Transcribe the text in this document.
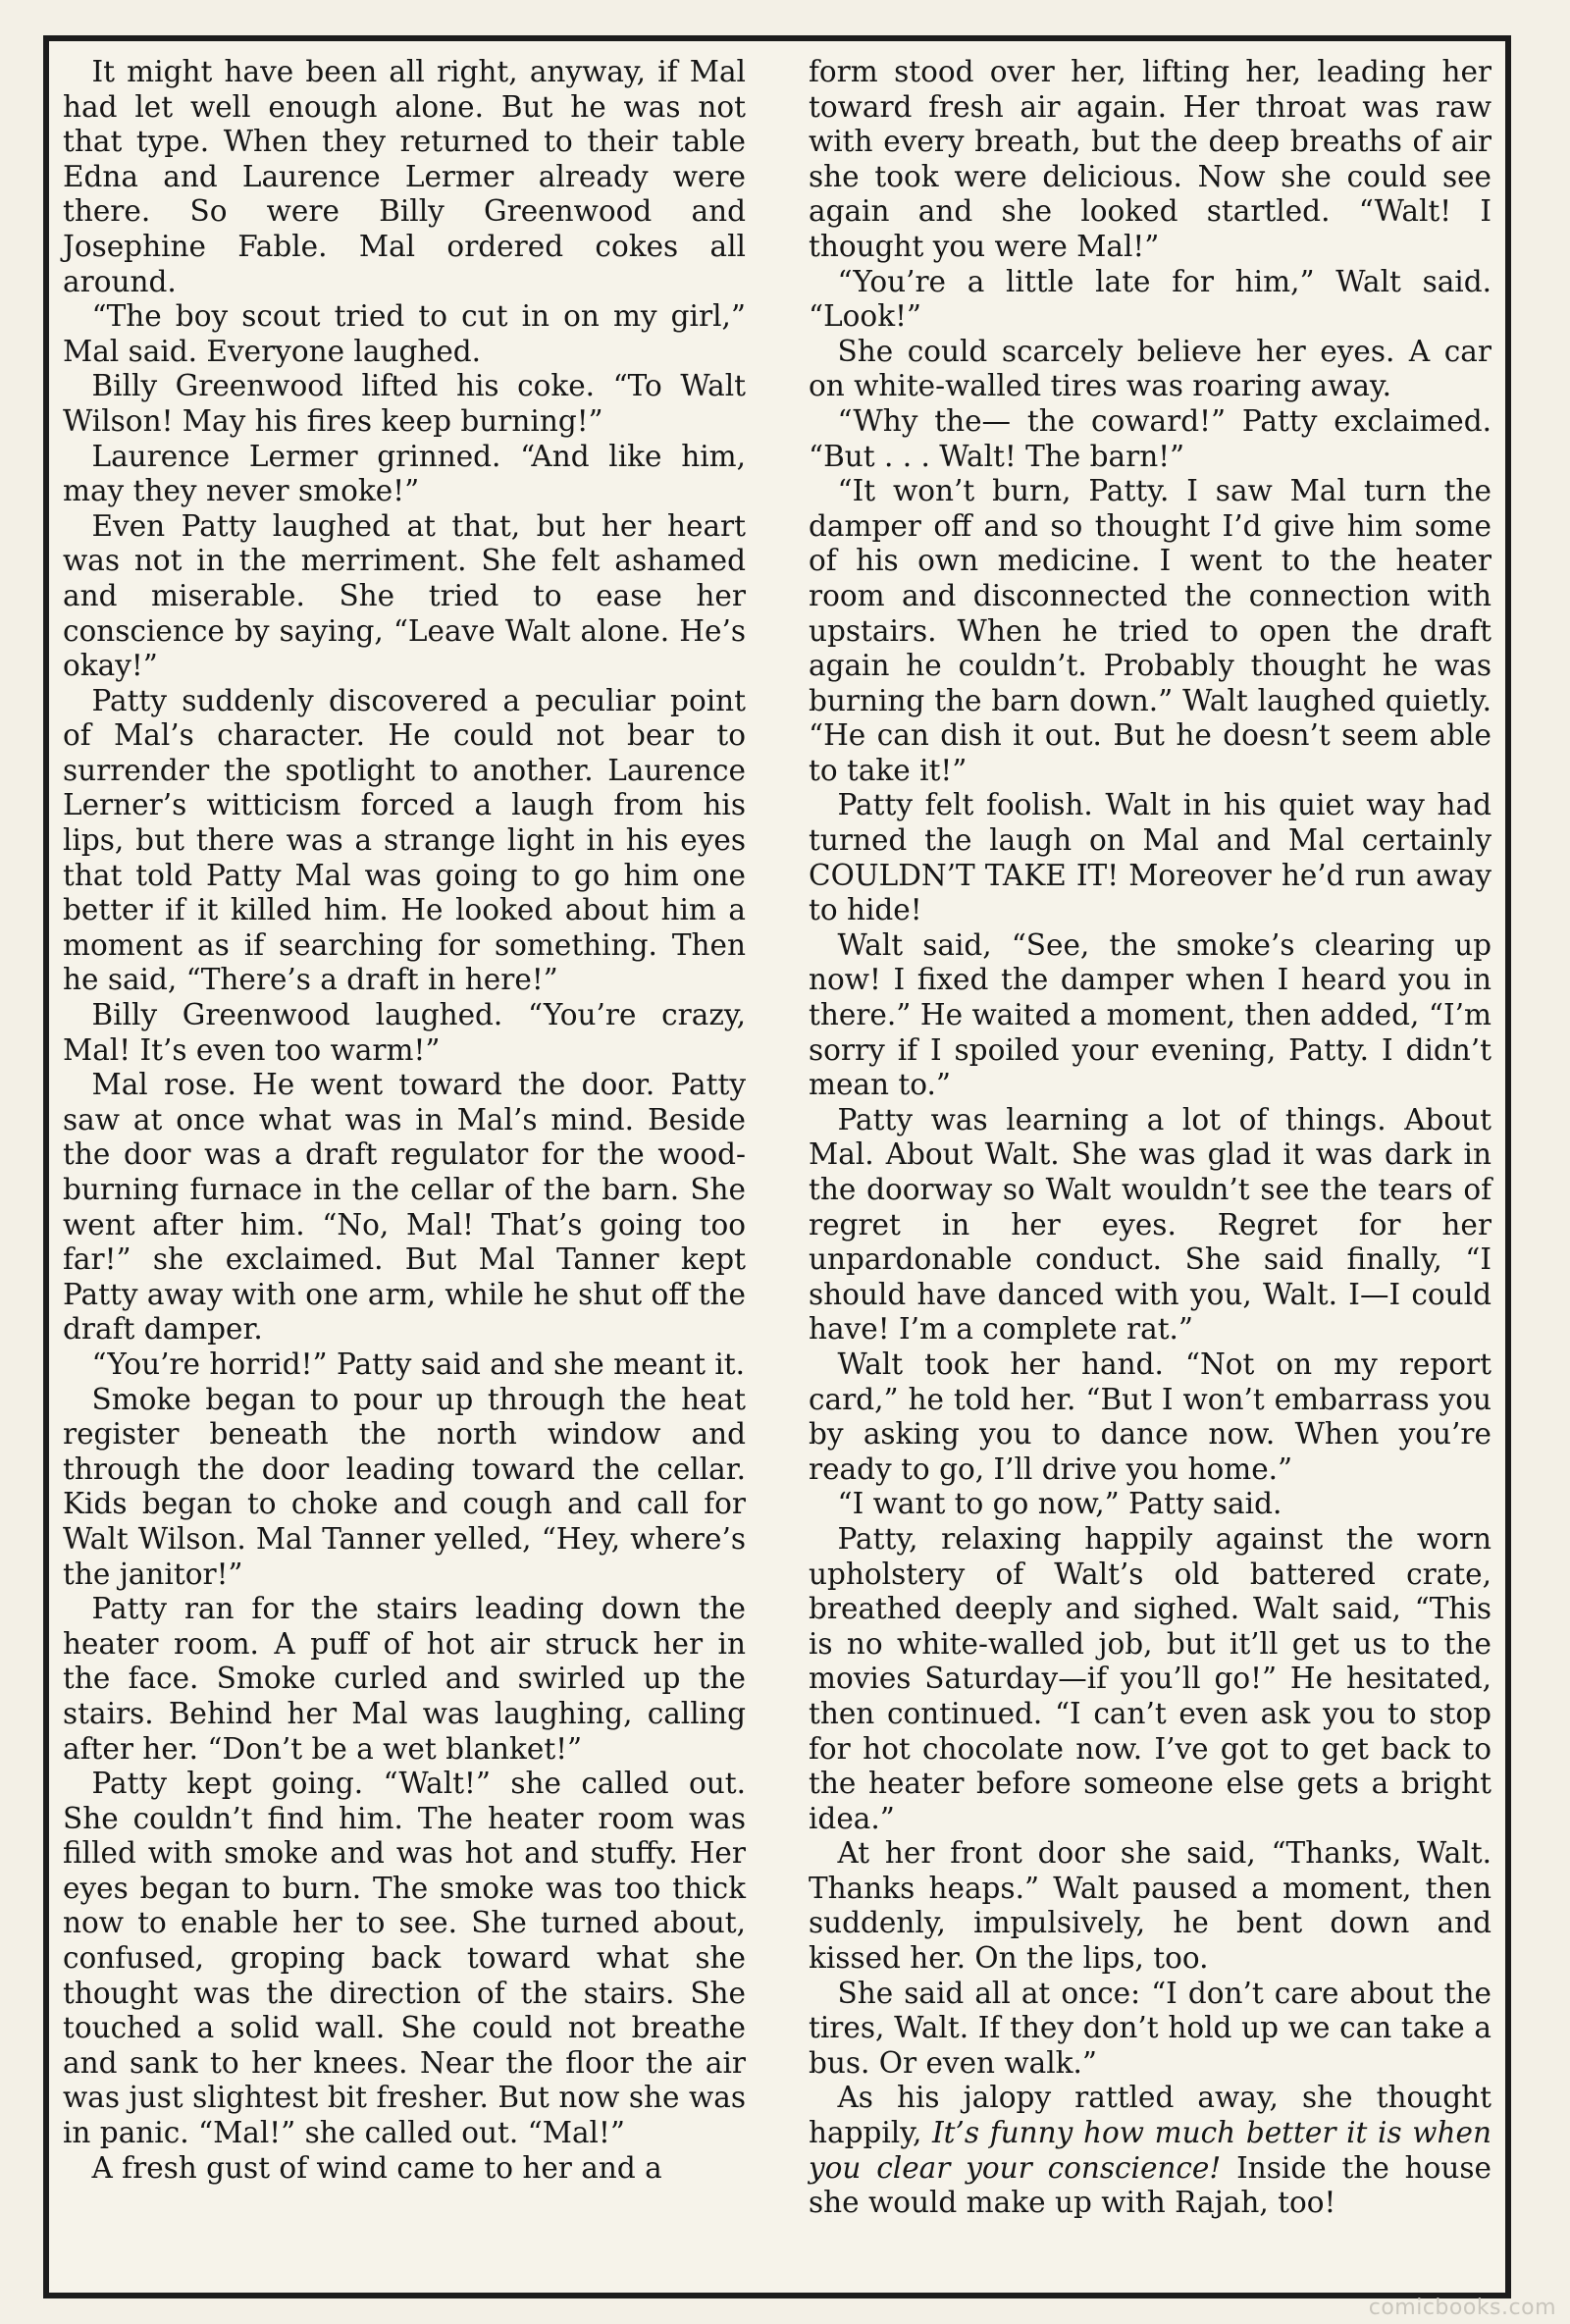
It might have been all right, anyway, if Mal had let well enough alone. But he was not that type. When they returned to their table Edna and Laurence Lermer already were there. So were Billy Greenwood and Josephine Fable. Mal ordered cokes all around.

“The boy scout tried to cut in on my girl,” Mal said. Everyone laughed.

Billy Greenwood lifted his coke. “To Walt Wilson! May his fires keep burning!”

Laurence Lermer grinned. “And like him, may they never smoke!”

Even Patty laughed at that, but her heart was not in the merriment. She felt ashamed and miserable. She tried to ease her conscience by saying, “Leave Walt alone. He’s okay!”

Patty suddenly discovered a peculiar point of Mal’s character. He could not bear to surrender the spotlight to another. Laurence Lerner’s witticism forced a laugh from his lips, but there was a strange light in his eyes that told Patty Mal was going to go him one better if it killed him. He looked about him a moment as if searching for something. Then he said, “There’s a draft in here!”

Billy Greenwood laughed. “You’re crazy, Mal! It’s even too warm!”

Mal rose. He went toward the door. Patty saw at once what was in Mal’s mind. Beside the door was a draft regulator for the wood-burning furnace in the cellar of the barn. She went after him. “No, Mal! That’s going too far!” she exclaimed. But Mal Tanner kept Patty away with one arm, while he shut off the draft damper.

“You’re horrid!” Patty said and she meant it.

Smoke began to pour up through the heat register beneath the north window and through the door leading toward the cellar. Kids began to choke and cough and call for Walt Wilson. Mal Tanner yelled, “Hey, where’s the janitor!”

Patty ran for the stairs leading down the heater room. A puff of hot air struck her in the face. Smoke curled and swirled up the stairs. Behind her Mal was laughing, calling after her. “Don’t be a wet blanket!”

Patty kept going. “Walt!” she called out. She couldn’t find him. The heater room was filled with smoke and was hot and stuffy. Her eyes began to burn. The smoke was too thick now to enable her to see. She turned about, confused, groping back toward what she thought was the direction of the stairs. She touched a solid wall. She could not breathe and sank to her knees. Near the floor the air was just slightest bit fresher. But now she was in panic. “Mal!” she called out. “Mal!”

A fresh gust of wind came to her and a

form stood over her, lifting her, leading her toward fresh air again. Her throat was raw with every breath, but the deep breaths of air she took were delicious. Now she could see again and she looked startled. “Walt! I thought you were Mal!”

“You’re a little late for him,” Walt said. “Look!”

She could scarcely believe her eyes. A car on white-walled tires was roaring away.

“Why the— the coward!” Patty exclaimed. “But . . . Walt! The barn!”

“It won’t burn, Patty. I saw Mal turn the damper off and so thought I’d give him some of his own medicine. I went to the heater room and disconnected the connection with upstairs. When he tried to open the draft again he couldn’t. Probably thought he was burning the barn down.” Walt laughed quietly. “He can dish it out. But he doesn’t seem able to take it!”

Patty felt foolish. Walt in his quiet way had turned the laugh on Mal and Mal certainly COULDN’T TAKE IT! Moreover he’d run away to hide!

Walt said, “See, the smoke’s clearing up now! I fixed the damper when I heard you in there.” He waited a moment, then added, “I’m sorry if I spoiled your evening, Patty. I didn’t mean to.”

Patty was learning a lot of things. About Mal. About Walt. She was glad it was dark in the doorway so Walt wouldn’t see the tears of regret in her eyes. Regret for her unpardonable conduct. She said finally, “I should have danced with you, Walt. I—I could have! I’m a complete rat.”

Walt took her hand. “Not on my report card,” he told her. “But I won’t embarrass you by asking you to dance now. When you’re ready to go, I’ll drive you home.”

“I want to go now,” Patty said.

Patty, relaxing happily against the worn upholstery of Walt’s old battered crate, breathed deeply and sighed. Walt said, “This is no white-walled job, but it’ll get us to the movies Saturday—if you’ll go!” He hesitated, then continued. “I can’t even ask you to stop for hot chocolate now. I’ve got to get back to the heater before someone else gets a bright idea.”

At her front door she said, “Thanks, Walt. Thanks heaps.” Walt paused a moment, then suddenly, impulsively, he bent down and kissed her. On the lips, too.

She said all at once: “I don’t care about the tires, Walt. If they don’t hold up we can take a bus. Or even walk.”

As his jalopy rattled away, she thought happily, It’s funny how much better it is when you clear your conscience! Inside the house she would make up with Rajah, too!

comicbooks.com
